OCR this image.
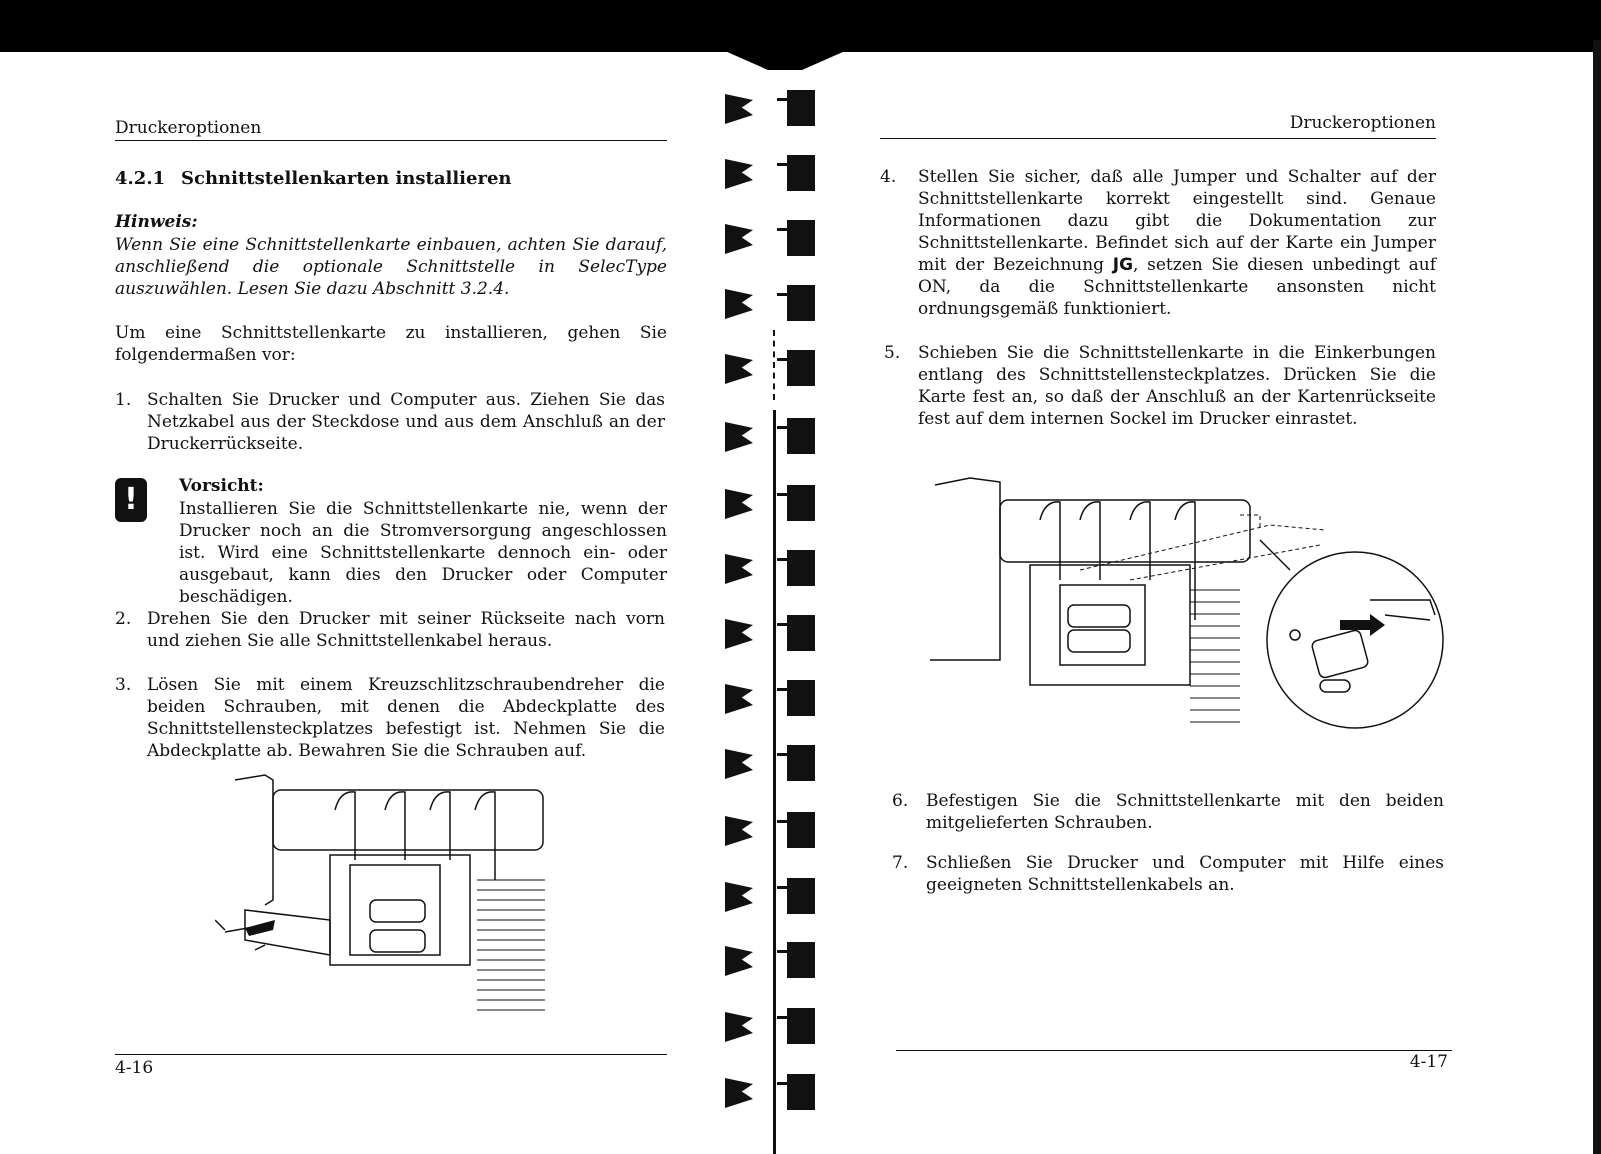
Druckeroptionen
4.2.1 Schnittstellenkarten installieren
Hinweis:
Wenn Sie eine Schnittstellenkarte einbauen, achten Sie darauf, anschließend die optionale Schnittstelle in SelecType auszuwählen. Lesen Sie dazu Abschnitt 3.2.4.
Um eine Schnittstellenkarte zu installieren, gehen Sie folgendermaßen vor:
1. Schalten Sie Drucker und Computer aus. Ziehen Sie das Netzkabel aus der Steckdose und aus dem Anschluß an der Druckerrückseite.
!	Vorsicht:
Installieren Sie die Schnittstellenkarte nie, wenn der Drucker noch an die Stromversorgung angeschlossen ist. Wird eine Schnittstellenkarte dennoch ein- oder ausgebaut, kann dies den Drucker oder Computer beschädigen.
2. Drehen Sie den Drucker mit seiner Rückseite nach vorn und ziehen Sie alle Schnittstellenkabel heraus.
3. Lösen Sie mit einem Kreuzschlitzschraubendreher die beiden Schrauben, mit denen die Abdeckplatte des Schnittstellensteckplatzes befestigt ist. Nehmen Sie die Abdeckplatte ab. Bewahren Sie die Schrauben auf.
4-16
Druckeroptionen
4. Stellen Sie sicher, daß alle Jumper und Schalter auf der Schnittstellenkarte korrekt eingestellt sind. Genaue Informationen dazu gibt die Dokumentation zur Schnittstellenkarte. Befindet sich auf der Karte ein Jumper mit der Bezeichnung JG, setzen Sie diesen unbedingt auf ON, da die Schnittstellenkarte ansonsten nicht ordnungsgemäß funktioniert.
5. Schieben Sie die Schnittstellenkarte in die Einkerbungen entlang des Schnittstellensteckplatzes. Drücken Sie die Karte fest an, so daß der Anschluß an der Kartenrückseite fest auf dem internen Sockel im Drucker einrastet.
6. Befestigen Sie die Schnittstellenkarte mit den beiden mitgelieferten Schrauben.
7. Schließen Sie Drucker und Computer mit Hilfe eines geeigneten Schnittstellenkabels an.
4-17
